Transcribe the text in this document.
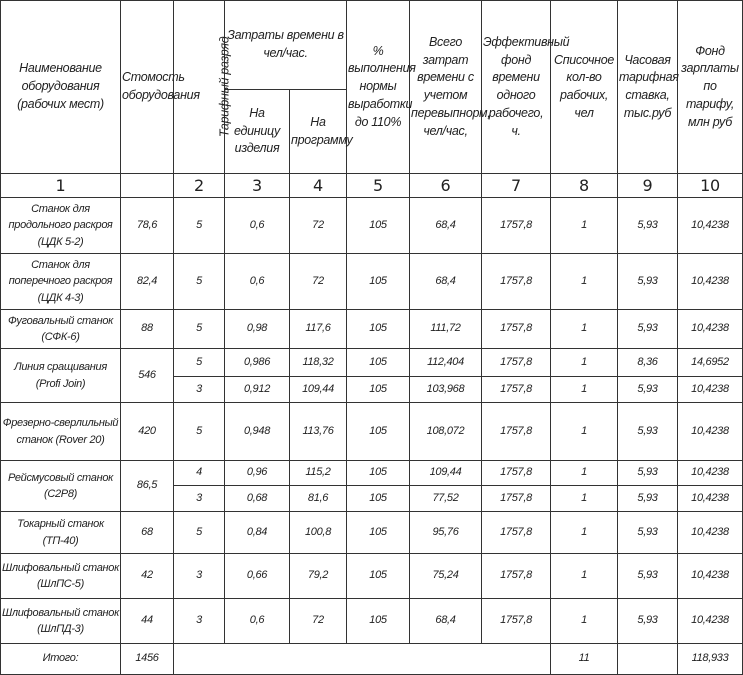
Наименование оборудования (рабочих мест)	Стомость оборудования	Тарифный разряд	Затраты времени в чел/час.		% выполнения нормы выработки до 110%	Всего затрат времени с учетом перевыпнорм, чел/час,	Эффективный фонд времени одного рабочего, ч.	Списочное кол-во рабочих, чел	Часовая тарифная ставка, тыс.руб	Фонд зарплаты по тарифу, млн руб
			На единицу изделия	На программу						
1		2	3	4	5	6	7	8	9	10
Станок для продольного раскроя (ЦДК 5-2)	78,6	5	0,6	72	105	68,4	1757,8	1	5,93	10,4238
Станок для поперечного раскроя (ЦДК 4-3)	82,4	5	0,6	72	105	68,4	1757,8	1	5,93	10,4238
Фуговальный станок (СФК-6)	88	5	0,98	117,6	105	111,72	1757,8	1	5,93	10,4238
Линия сращивания (Profi Join)	546	5	0,986	118,32	105	112,404	1757,8	1	8,36	14,6952
		3	0,912	109,44	105	103,968	1757,8	1	5,93	10,4238
Фрезерно-сверлильный станок (Rover 20)	420	5	0,948	113,76	105	108,072	1757,8	1	5,93	10,4238
Рейсмусовый станок (С2Р8)	86,5	4	0,96	115,2	105	109,44	1757,8	1	5,93	10,4238
		3	0,68	81,6	105	77,52	1757,8	1	5,93	10,4238
Токарный станок (ТП-40)	68	5	0,84	100,8	105	95,76	1757,8	1	5,93	10,4238
Шлифовальный станок (ШлПС-5)	42	3	0,66	79,2	105	75,24	1757,8	1	5,93	10,4238
Шлифовальный станок (ШлПД-3)	44	3	0,6	72	105	68,4	1757,8	1	5,93	10,4238
Итого:	1456							11		118,933
